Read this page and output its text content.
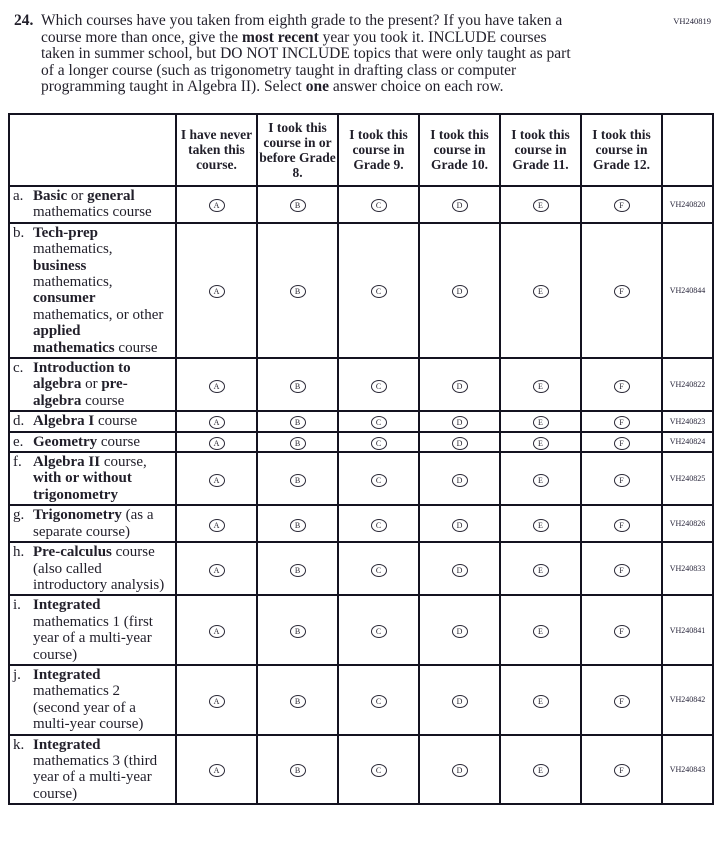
VH240819
24. Which courses have you taken from eighth grade to the present? If you have taken a course more than once, give the most recent year you took it. INCLUDE courses taken in summer school, but DO NOT INCLUDE topics that were only taught as part of a longer course (such as trigonometry taught in drafting class or computer programming taught in Algebra II). Select one answer choice on each row.
	I have never taken this course.	I took this course in or before Grade 8.	I took this course in Grade 9.	I took this course in Grade 10.	I took this course in Grade 11.	I took this course in Grade 12.	

a. Basic or general mathematics course	A	B	C	D	E	F	VH240820

b. Tech-prep mathematics, business mathematics, consumer mathematics, or other applied mathematics course	A	B	C	D	E	F	VH240844

c. Introduction to algebra or pre-algebra course	A	B	C	D	E	F	VH240822

d. Algebra I course	A	B	C	D	E	F	VH240823

e. Geometry course	A	B	C	D	E	F	VH240824

f. Algebra II course, with or without trigonometry	A	B	C	D	E	F	VH240825

g. Trigonometry (as a separate course)	A	B	C	D	E	F	VH240826

h. Pre-calculus course (also called introductory analysis)	A	B	C	D	E	F	VH240833

i. Integrated mathematics 1 (first year of a multi-year course)	A	B	C	D	E	F	VH240841

j. Integrated mathematics 2 (second year of a multi-year course)	A	B	C	D	E	F	VH240842

k. Integrated mathematics 3 (third year of a multi-year course)	A	B	C	D	E	F	VH240843
